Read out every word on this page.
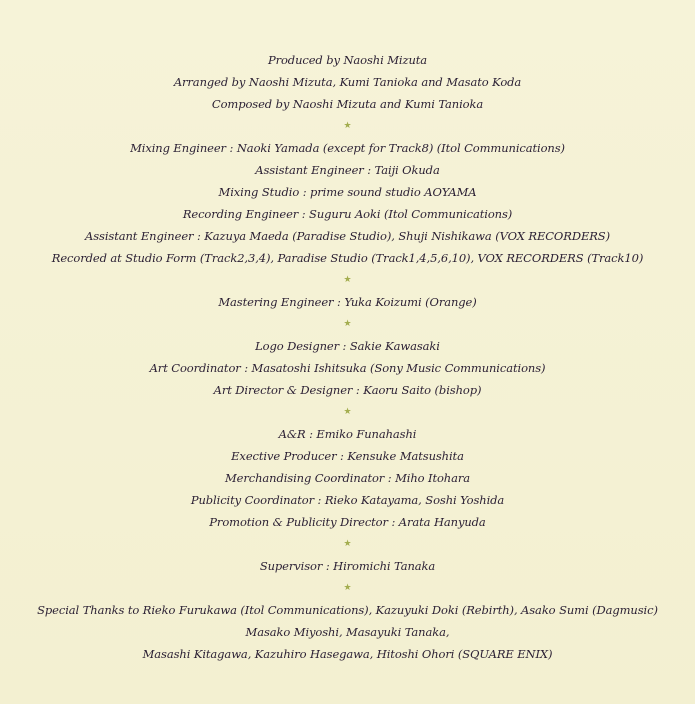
Produced by Naoshi Mizuta
Arranged by Naoshi Mizuta, Kumi Tanioka and Masato Koda
Composed by Naoshi Mizuta and Kumi Tanioka
★
Mixing Engineer : Naoki Yamada (except for Track8) (Itol Communications)
Assistant Engineer : Taiji Okuda
Mixing Studio : prime sound studio AOYAMA
Recording Engineer : Suguru Aoki (Itol Communications)
Assistant Engineer : Kazuya Maeda (Paradise Studio), Shuji Nishikawa (VOX RECORDERS)
Recorded at Studio Form (Track2,3,4), Paradise Studio (Track1,4,5,6,10), VOX RECORDERS (Track10)
★
Mastering Engineer : Yuka Koizumi (Orange)
★
Logo Designer : Sakie Kawasaki
Art Coordinator : Masatoshi Ishitsuka (Sony Music Communications)
Art Director & Designer : Kaoru Saito (bishop)
★
A&R : Emiko Funahashi
Exective Producer : Kensuke Matsushita
Merchandising Coordinator : Miho Itohara
Publicity Coordinator : Rieko Katayama, Soshi Yoshida
Promotion & Publicity Director : Arata Hanyuda
★
Supervisor : Hiromichi Tanaka
★
Special Thanks to Rieko Furukawa (Itol Communications), Kazuyuki Doki (Rebirth), Asako Sumi (Dagmusic)
Masako Miyoshi, Masayuki Tanaka,
Masashi Kitagawa, Kazuhiro Hasegawa, Hitoshi Ohori (SQUARE ENIX)
